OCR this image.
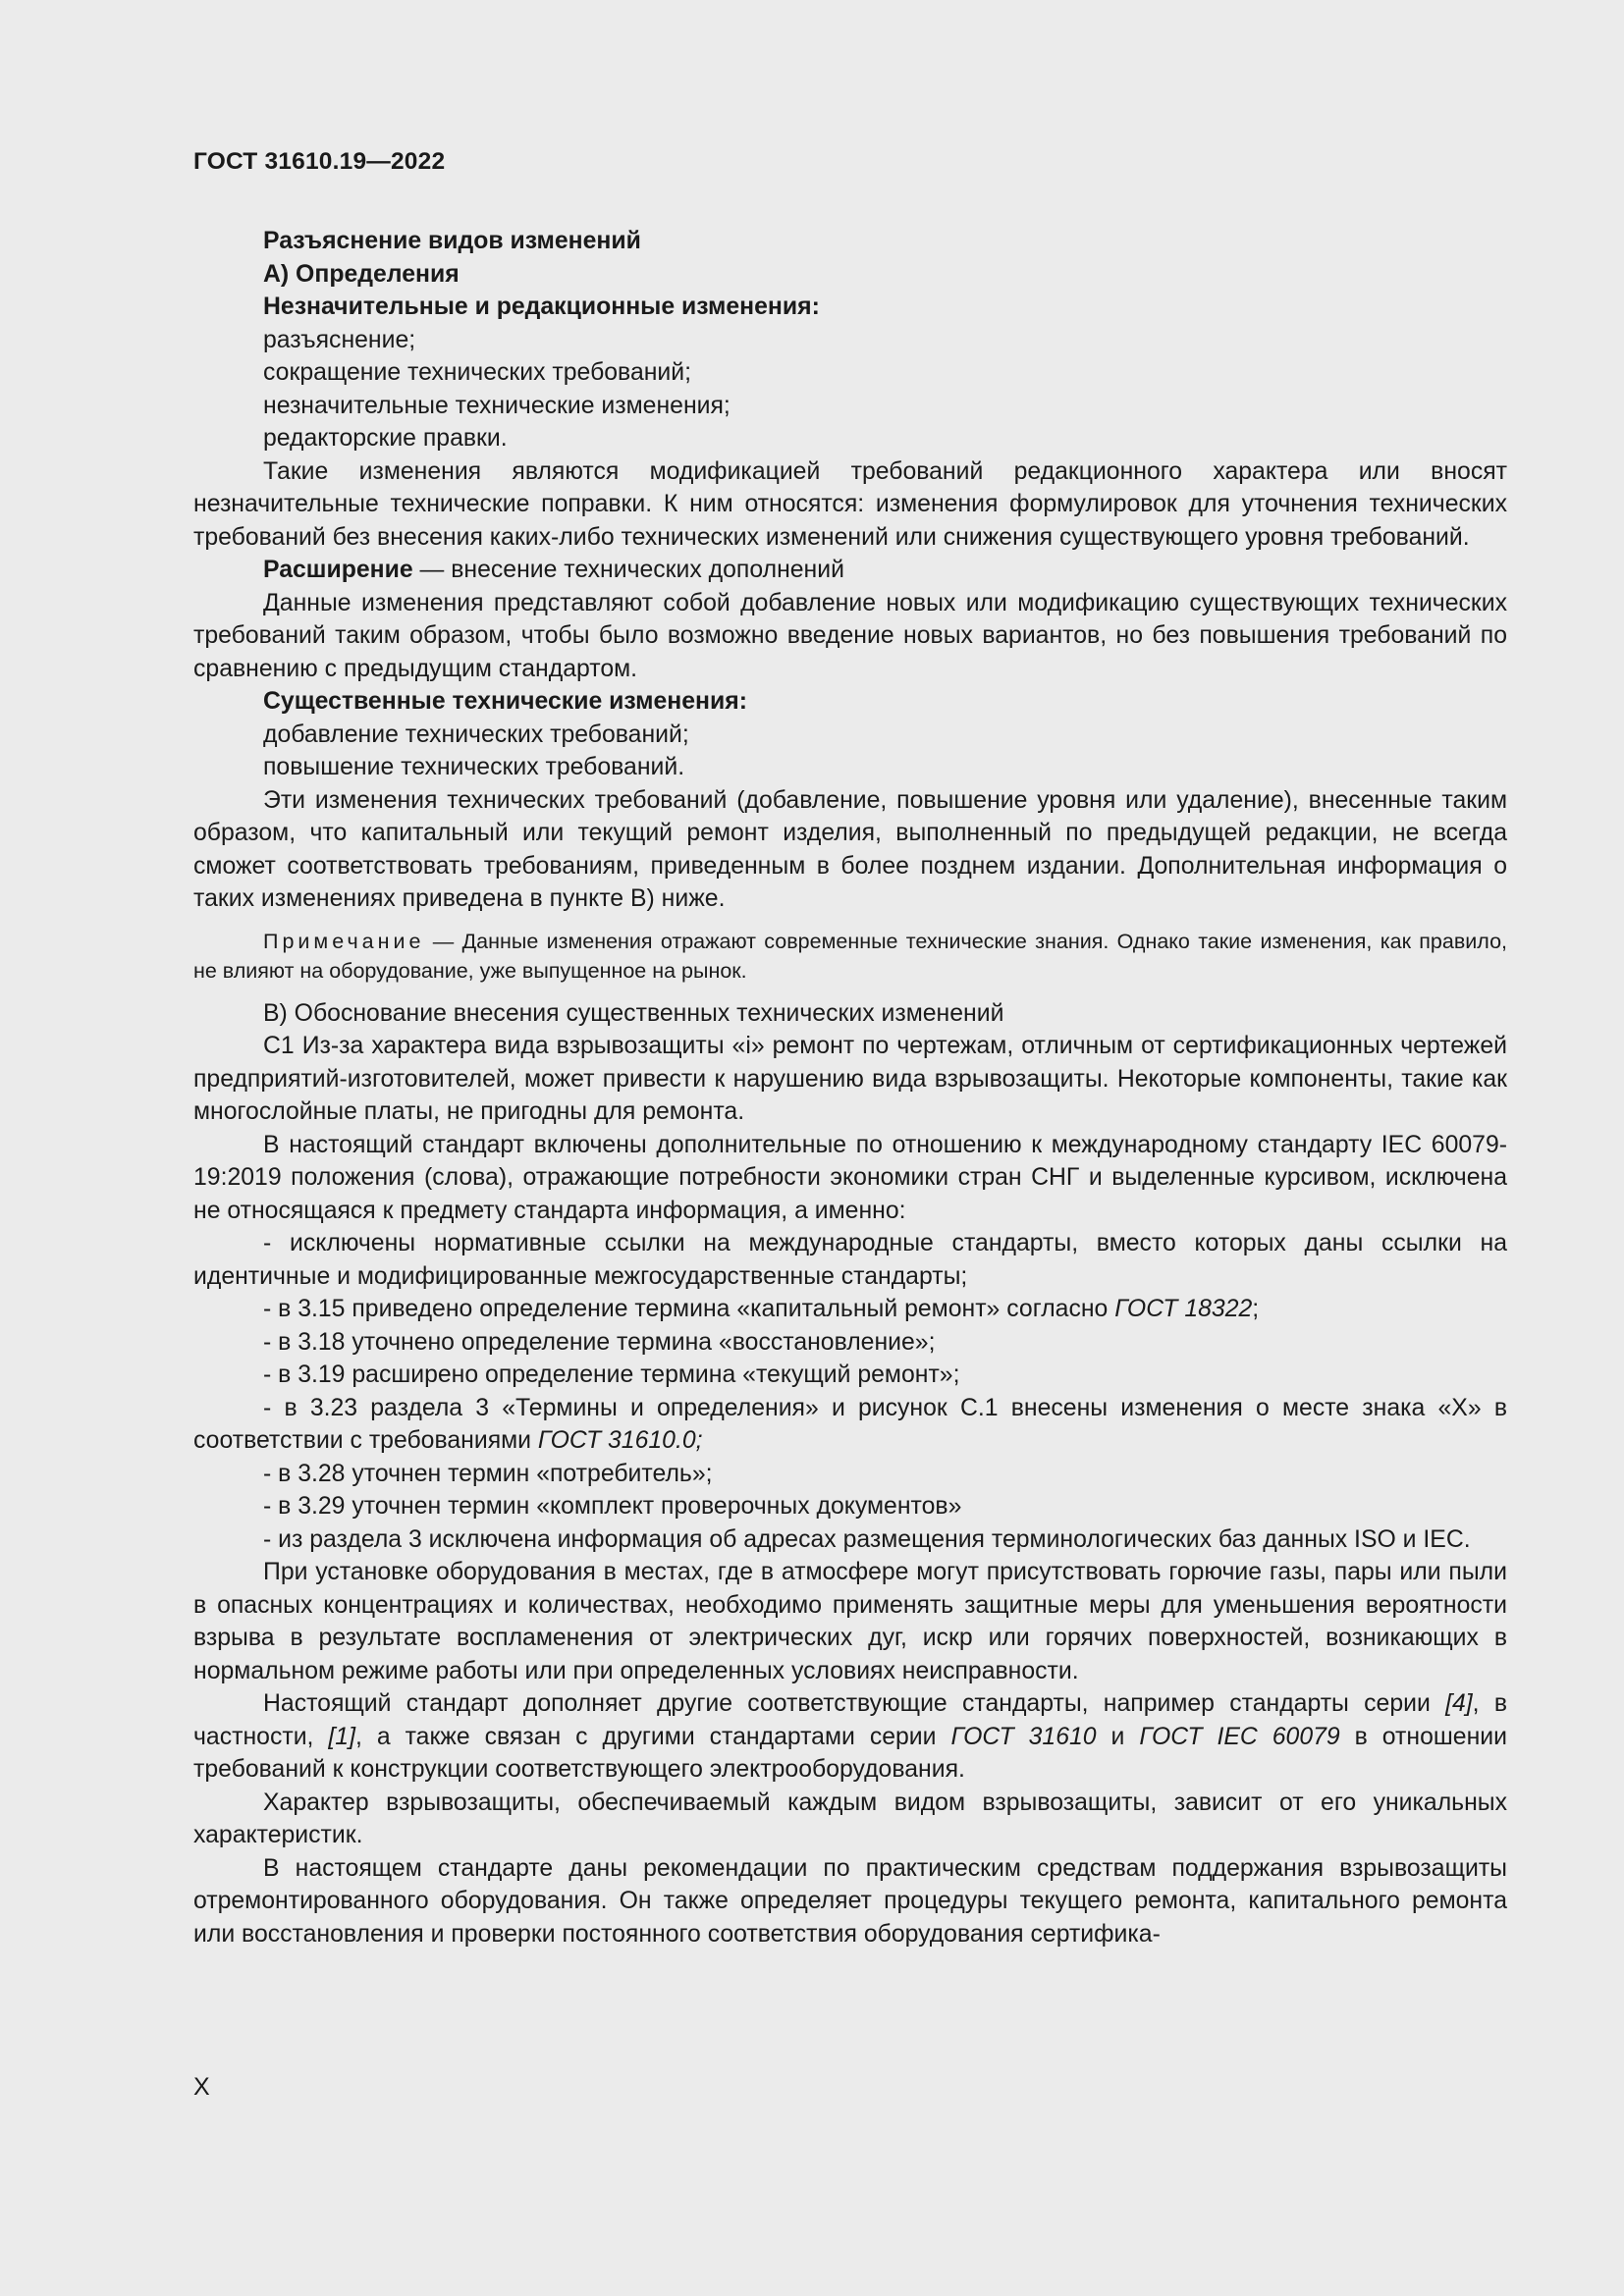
ГОСТ 31610.19—2022

Разъяснение видов изменений

А) Определения

Незначительные и редакционные изменения:

разъяснение;

сокращение технических требований;

незначительные технические изменения;

редакторские правки.

Такие изменения являются модификацией требований редакционного характера или вносят незначительные технические поправки. К ним относятся: изменения формулировок для уточнения технических требований без внесения каких-либо технических изменений или снижения существующего уровня требований.

Расширение — внесение технических дополнений

Данные изменения представляют собой добавление новых или модификацию существующих технических требований таким образом, чтобы было возможно введение новых вариантов, но без повышения требований по сравнению с предыдущим стандартом.

Существенные технические изменения:

добавление технических требований;

повышение технических требований.

Эти изменения технических требований (добавление, повышение уровня или удаление), внесенные таким образом, что капитальный или текущий ремонт изделия, выполненный по предыдущей редакции, не всегда сможет соответствовать требованиям, приведенным в более позднем издании. Дополнительная информация о таких изменениях приведена в пункте В) ниже.

Примечание — Данные изменения отражают современные технические знания. Однако такие изменения, как правило, не влияют на оборудование, уже выпущенное на рынок.

В) Обоснование внесения существенных технических изменений

С1 Из-за характера вида взрывозащиты «i» ремонт по чертежам, отличным от сертификационных чертежей предприятий-изготовителей, может привести к нарушению вида взрывозащиты. Некоторые компоненты, такие как многослойные платы, не пригодны для ремонта.

В настоящий стандарт включены дополнительные по отношению к международному стандарту IEC 60079-19:2019 положения (слова), отражающие потребности экономики стран СНГ и выделенные курсивом, исключена не относящаяся к предмету стандарта информация, а именно:

- исключены нормативные ссылки на международные стандарты, вместо которых даны ссылки на идентичные и модифицированные межгосударственные стандарты;

- в 3.15 приведено определение термина «капитальный ремонт» согласно ГОСТ 18322;

- в 3.18 уточнено определение термина «восстановление»;

- в 3.19 расширено определение термина «текущий ремонт»;

- в 3.23 раздела 3 «Термины и определения» и рисунок С.1 внесены изменения о месте знака «Х» в соответствии с требованиями ГОСТ 31610.0;

- в 3.28 уточнен термин «потребитель»;

- в 3.29 уточнен термин «комплект проверочных документов»

- из раздела 3 исключена информация об адресах размещения терминологических баз данных ISO и IEC.

При установке оборудования в местах, где в атмосфере могут присутствовать горючие газы, пары или пыли в опасных концентрациях и количествах, необходимо применять защитные меры для уменьшения вероятности взрыва в результате воспламенения от электрических дуг, искр или горячих поверхностей, возникающих в нормальном режиме работы или при определенных условиях неисправности.

Настоящий стандарт дополняет другие соответствующие стандарты, например стандарты серии [4], в частности, [1], а также связан с другими стандартами серии ГОСТ 31610 и ГОСТ IEC 60079 в отношении требований к конструкции соответствующего электрооборудования.

Характер взрывозащиты, обеспечиваемый каждым видом взрывозащиты, зависит от его уникальных характеристик.

В настоящем стандарте даны рекомендации по практическим средствам поддержания взрывозащиты отремонтированного оборудования. Он также определяет процедуры текущего ремонта, капитального ремонта или восстановления и проверки постоянного соответствия оборудования сертифика-

X
